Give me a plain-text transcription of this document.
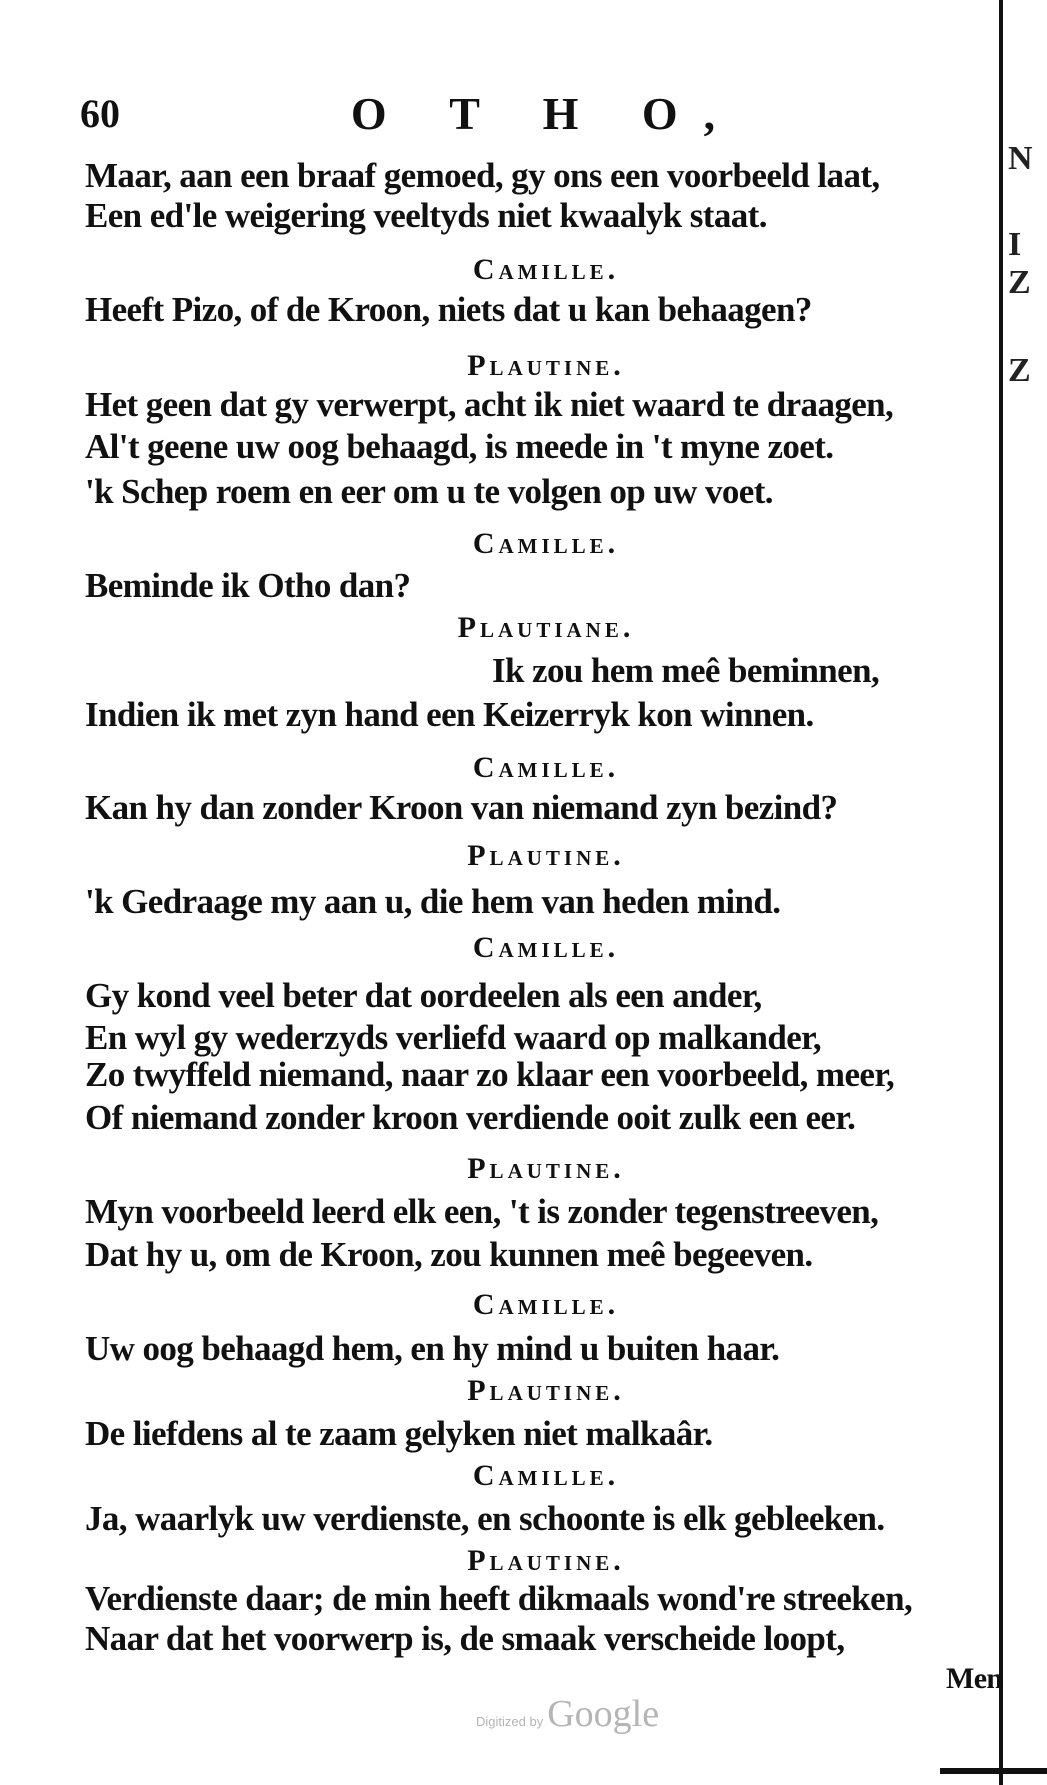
N
I
Z
Z
60	O T H O,
Maar, aan een braaf gemoed, gy ons een voorbeeld laat,
Een ed'le weigering veeltyds niet kwaalyk staat.
Camille.
Heeft Pizo, of de Kroon, niets dat u kan behaagen?
Plautine.
Het geen dat gy verwerpt, acht ik niet waard te draagen,
Al't geene uw oog behaagd, is meede in 't myne zoet.
'k Schep roem en eer om u te volgen op uw voet.
Camille.
Beminde ik Otho dan?
Plautiane.
Ik zou hem meê beminnen,
Indien ik met zyn hand een Keizerryk kon winnen.
Camille.
Kan hy dan zonder Kroon van niemand zyn bezind?
Plautine.
'k Gedraage my aan u, die hem van heden mind.
Camille.
Gy kond veel beter dat oordeelen als een ander,
En wyl gy wederzyds verliefd waard op malkander,
Zo twyffeld niemand, naar zo klaar een voorbeeld, meer,
Of niemand zonder kroon verdiende ooit zulk een eer.
Plautine.
Myn voorbeeld leerd elk een, 't is zonder tegenstreeven,
Dat hy u, om de Kroon, zou kunnen meê begeeven.
Camille.
Uw oog behaagd hem, en hy mind u buiten haar.
Plautine.
De liefdens al te zaam gelyken niet malkaâr.
Camille.
Ja, waarlyk uw verdienste, en schoonte is elk gebleeken.
Plautine.
Verdienste daar; de min heeft dikmaals wond're streeken,
Naar dat het voorwerp is, de smaak verscheide loopt,
Men
Digitized by Google
